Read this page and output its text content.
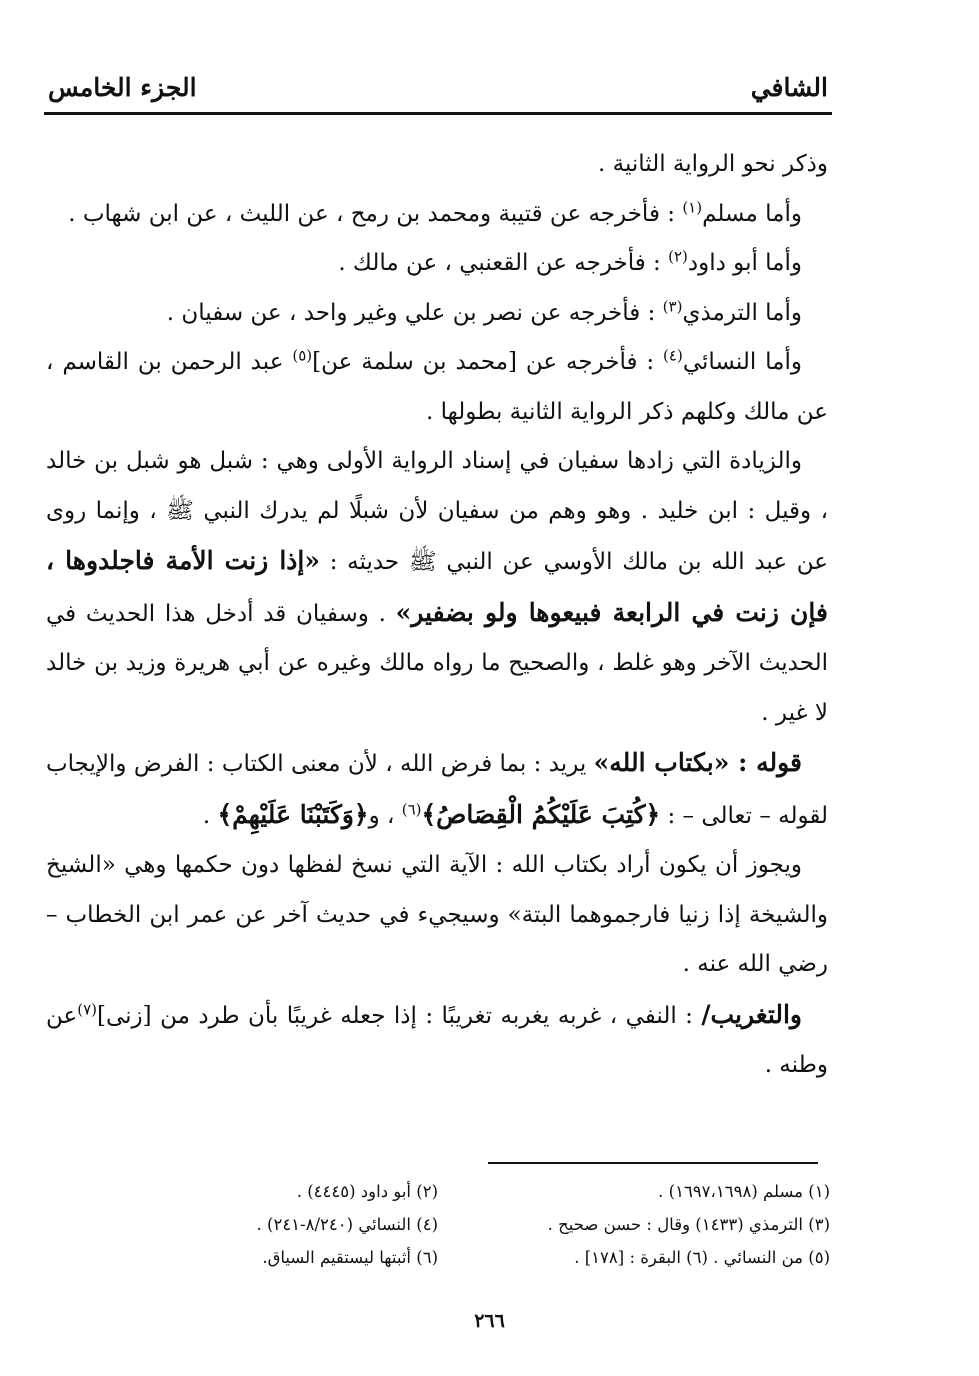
الجزء الخامس	الشافي

وذكر نحو الرواية الثانية .

وأما مسلم$^{(١)}$ : فأخرجه عن قتيبة ومحمد بن رمح ، عن الليث ، عن ابن شهاب .

وأما أبو داود$^{(٢)}$ : فأخرجه عن القعنبي ، عن مالك .

وأما الترمذي$^{(٣)}$ : فأخرجه عن نصر بن علي وغير واحد ، عن سفيان .

وأما النسائي$^{(٤)}$ : فأخرجه عن [محمد بن سلمة عن]$^{(٥)}$ عبد الرحمن بن القاسم ، عن مالك وكلهم ذكر الرواية الثانية بطولها .

والزيادة التي زادها سفيان في إسناد الرواية الأولى وهي : شبل هو شبل بن خالد ، وقيل : ابن خليد . وهو وهم من سفيان لأن شبلًا لم يدرك النبي ﷺ ، وإنما روى عن عبد الله بن مالك الأوسي عن النبي ﷺ حديثه : «إذا زنت الأمة فاجلدوها ، فإن زنت في الرابعة فبيعوها ولو بضفير» . وسفيان قد أدخل هذا الحديث في الحديث الآخر وهو غلط ، والصحيح ما رواه مالك وغيره عن أبي هريرة وزيد بن خالد لا غير .

قوله : «بكتاب الله» يريد : بما فرض الله ، لأن معنى الكتاب : الفرض والإيجاب لقوله – تعالى – : ﴿كُتِبَ عَلَيْكُمُ الْقِصَاصُ﴾$^{(٦)}$ ، و﴿وَكَتَبْنَا عَلَيْهِمْ﴾ .

ويجوز أن يكون أراد بكتاب الله : الآية التي نسخ لفظها دون حكمها وهي «الشيخ والشيخة إذا زنيا فارجموهما البتة» وسيجيء في حديث آخر عن عمر ابن الخطاب – رضي الله عنه .

والتغريب/ : النفي ، غربه يغربه تغريبًا : إذا جعله غريبًا بأن طرد من [زنى]$^{(٧)}$عن وطنه .

(١) مسلم (١٦٩٧،١٦٩٨) .
(٢) أبو داود (٤٤٤٥) .
(٣) الترمذي (١٤٣٣) وقال : حسن صحيح .
(٤) النسائي (٨/٢٤٠-٢٤١) .
(٥) من النسائي . (٦) البقرة : [١٧٨] .
(٦) أثبتها ليستقيم السياق.
٢٦٦
